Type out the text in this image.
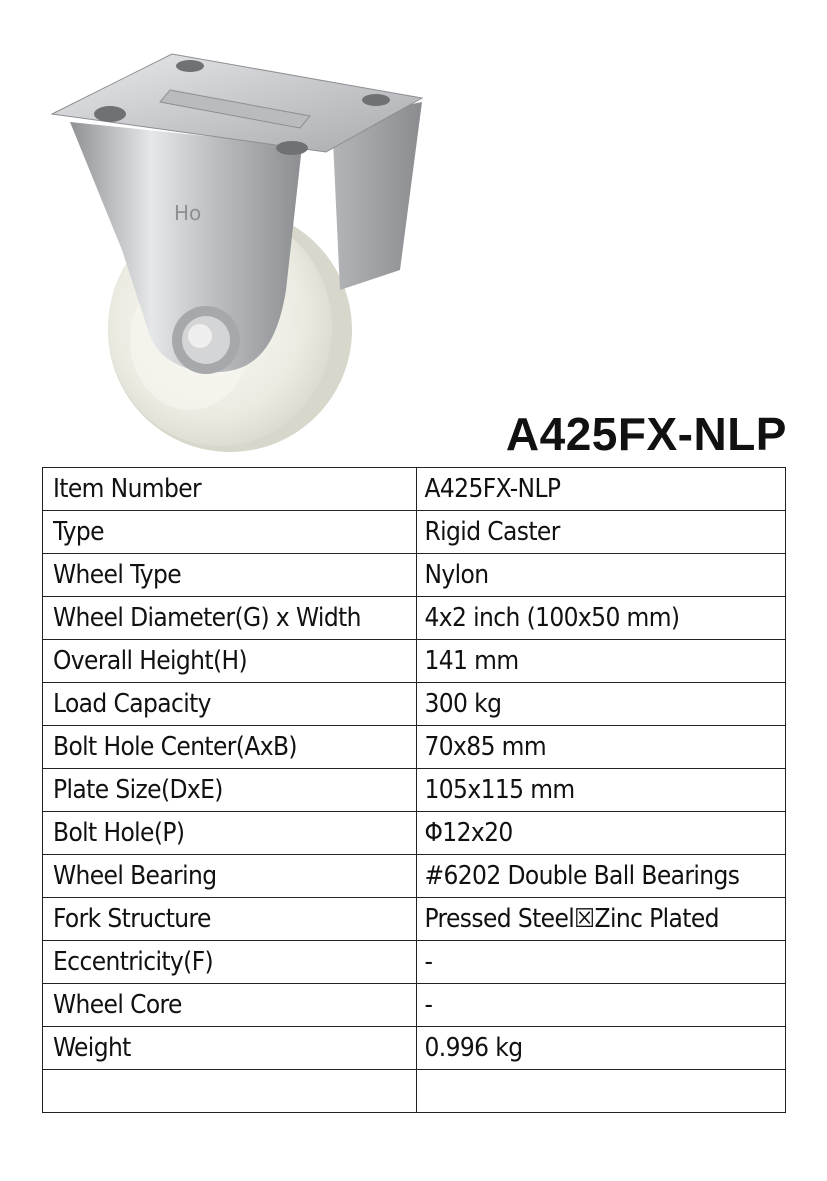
Ho
A425FX-NLP
Item Number	A425FX-NLP
Type	Rigid Caster
Wheel Type	Nylon
Wheel Diameter(G) x Width	4x2 inch (100x50 mm)
Overall Height(H)	141 mm
Load Capacity	300 kg
Bolt Hole Center(AxB)	70x85 mm
Plate Size(DxE)	105x115 mm
Bolt Hole(P)	Φ12x20
Wheel Bearing	#6202 Double Ball Bearings
Fork Structure	Pressed Steel☒Zinc Plated
Eccentricity(F)	-
Wheel Core	-
Weight	0.996 kg
